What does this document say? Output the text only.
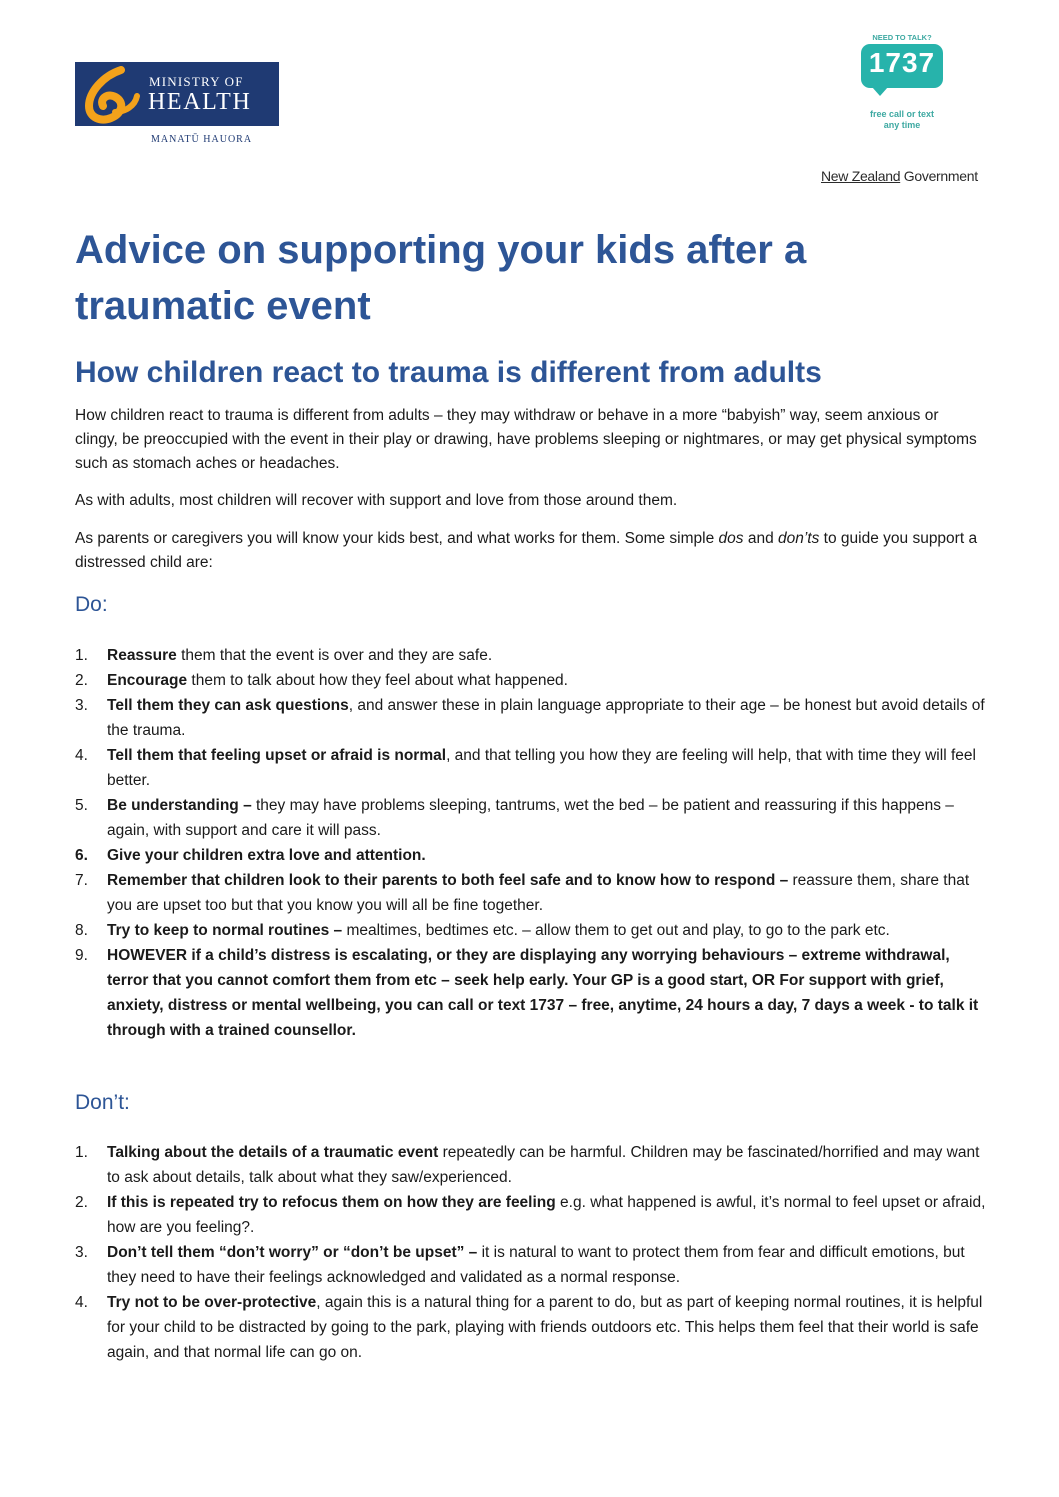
MINISTRY OF
HEALTH
MANATŪ HAUORA
NEED TO TALK?
1737
free call or text
any time
New Zealand Government
Advice on supporting your kids after a traumatic event
How children react to trauma is different from adults

How children react to trauma is different from adults – they may withdraw or behave in a more “babyish” way, seem anxious or clingy, be preoccupied with the event in their play or drawing, have problems sleeping or nightmares, or may get physical symptoms such as stomach aches or headaches.

As with adults, most children will recover with support and love from those around them.

As parents or caregivers you will know your kids best, and what works for them. Some simple dos and don’ts to guide you support a distressed child are:

Do:
1. Reassure them that the event is over and they are safe.
2. Encourage them to talk about how they feel about what happened.
3. Tell them they can ask questions, and answer these in plain language appropriate to their age – be honest but avoid details of the trauma.
4. Tell them that feeling upset or afraid is normal, and that telling you how they are feeling will help, that with time they will feel better.
5. Be understanding – they may have problems sleeping, tantrums, wet the bed – be patient and reassuring if this happens – again, with support and care it will pass.
6. Give your children extra love and attention.
7. Remember that children look to their parents to both feel safe and to know how to respond – reassure them, share that you are upset too but that you know you will all be fine together.
8. Try to keep to normal routines – mealtimes, bedtimes etc. – allow them to get out and play, to go to the park etc.
9. HOWEVER if a child’s distress is escalating, or they are displaying any worrying behaviours – extreme withdrawal, terror that you cannot comfort them from etc – seek help early. Your GP is a good start, OR For support with grief, anxiety, distress or mental wellbeing, you can call or text 1737 – free, anytime, 24 hours a day, 7 days a week - to talk it through with a trained counsellor.
Don’t:
1. Talking about the details of a traumatic event repeatedly can be harmful. Children may be fascinated/horrified and may want to ask about details, talk about what they saw/experienced.
2. If this is repeated try to refocus them on how they are feeling e.g. what happened is awful, it’s normal to feel upset or afraid, how are you feeling?.
3. Don’t tell them “don’t worry” or “don’t be upset” – it is natural to want to protect them from fear and difficult emotions, but they need to have their feelings acknowledged and validated as a normal response.
4. Try not to be over-protective, again this is a natural thing for a parent to do, but as part of keeping normal routines, it is helpful for your child to be distracted by going to the park, playing with friends outdoors etc. This helps them feel that their world is safe again, and that normal life can go on.
